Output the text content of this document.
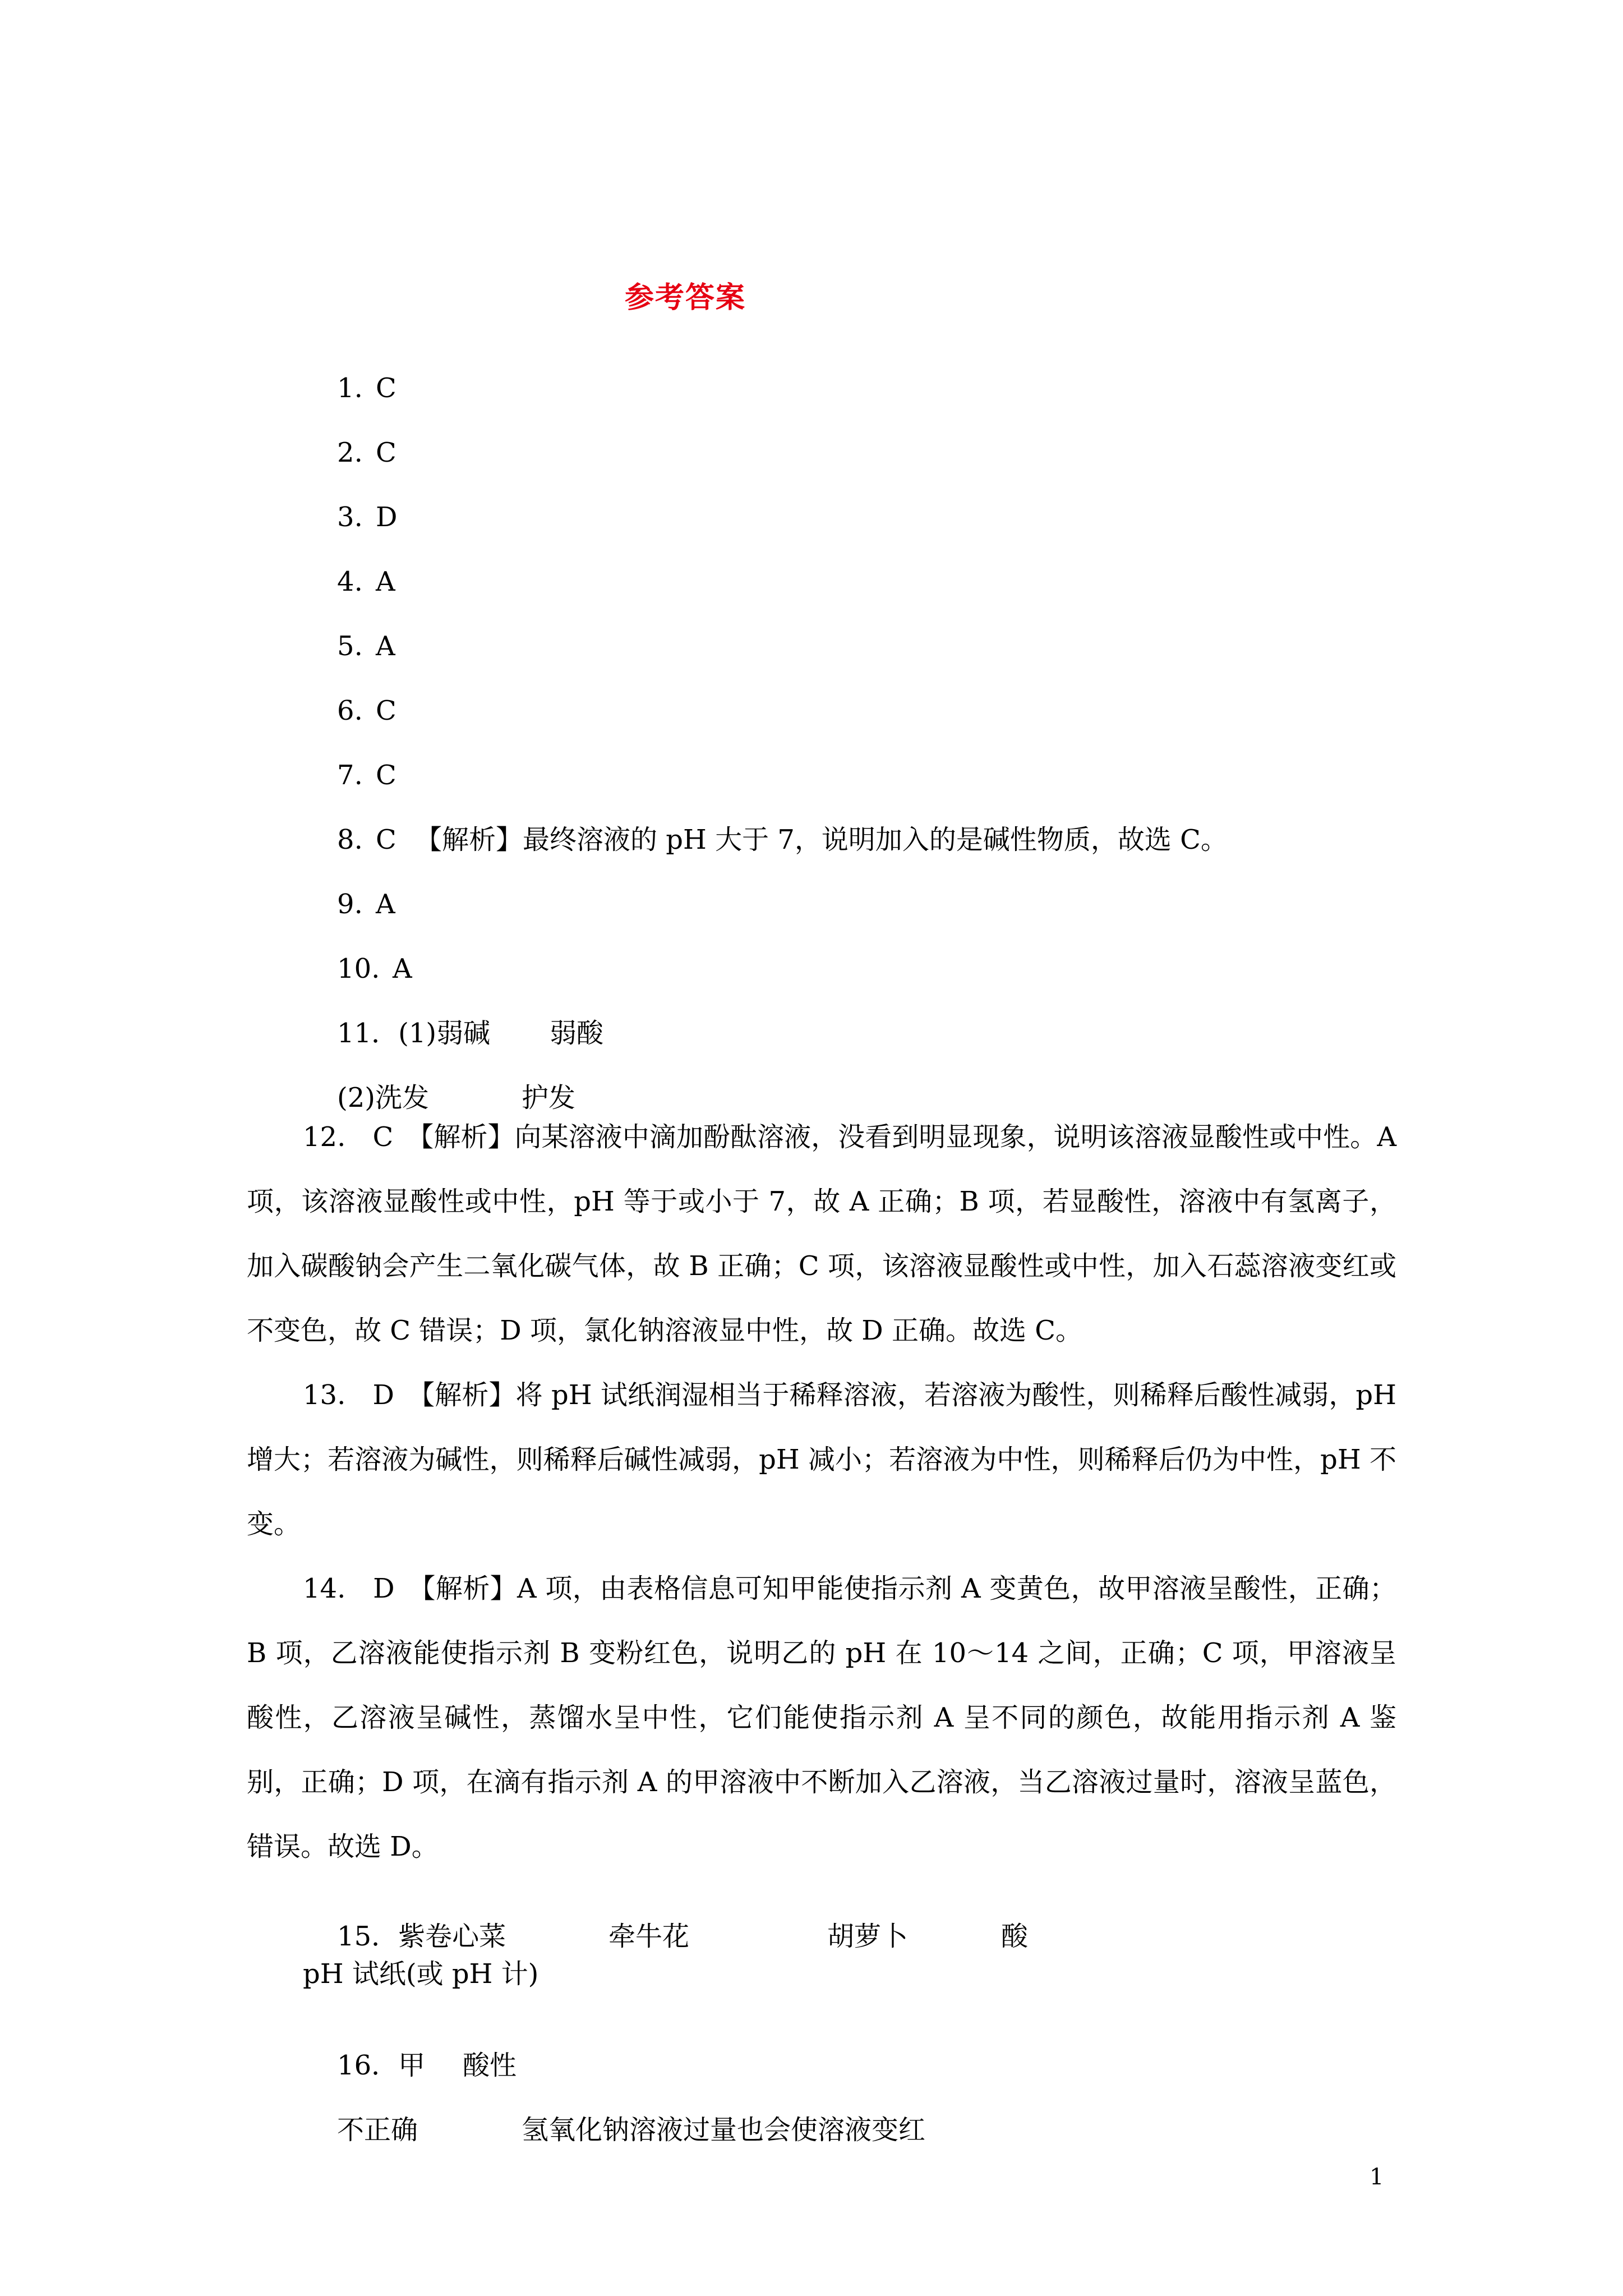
参考答案

1. C

2. C

3. D

4. A

5. A

6. C

7. C

8. C 【解析】最终溶液的 pH 大于 7，说明加入的是碱性物质，故选 C。

9. A

10. A

11．(1)弱碱 弱酸

(2)洗发	护发

12.　C　【解析】向某溶液中滴加酚酞溶液，没看到明显现象，说明该溶液显酸性或中性。A 项，该溶液显酸性或中性，pH 等于或小于 7，故 A 正确；B 项，若显酸性，溶液中有氢离子，加入碳酸钠会产生二氧化碳气体，故 B 正确；C 项，该溶液显酸性或中性，加入石蕊溶液变红或不变色，故 C 错误；D 项，氯化钠溶液显中性，故 D 正确。故选 C。
13.　D　【解析】将 pH 试纸润湿相当于稀释溶液，若溶液为酸性，则稀释后酸性减弱，pH 增大；若溶液为碱性，则稀释后碱性减弱，pH 减小；若溶液为中性，则稀释后仍为中性，pH 不变。
14.　D　【解析】A 项，由表格信息可知甲能使指示剂 A 变黄色，故甲溶液呈酸性，正确；B 项，乙溶液能使指示剂 B 变粉红色，说明乙的 pH 在 10～14 之间，正确；C 项，甲溶液呈酸性，乙溶液呈碱性，蒸馏水呈中性，它们能使指示剂 A 呈不同的颜色，故能用指示剂 A 鉴别，正确；D 项，在滴有指示剂 A 的甲溶液中不断加入乙溶液，当乙溶液过量时，溶液呈蓝色，错误。故选 D。

15．紫卷心菜	牵牛花	胡萝卜	酸

pH 试纸(或 pH 计)

16．甲 酸性

不正确	氢氧化钠溶液过量也会使溶液变红

1
